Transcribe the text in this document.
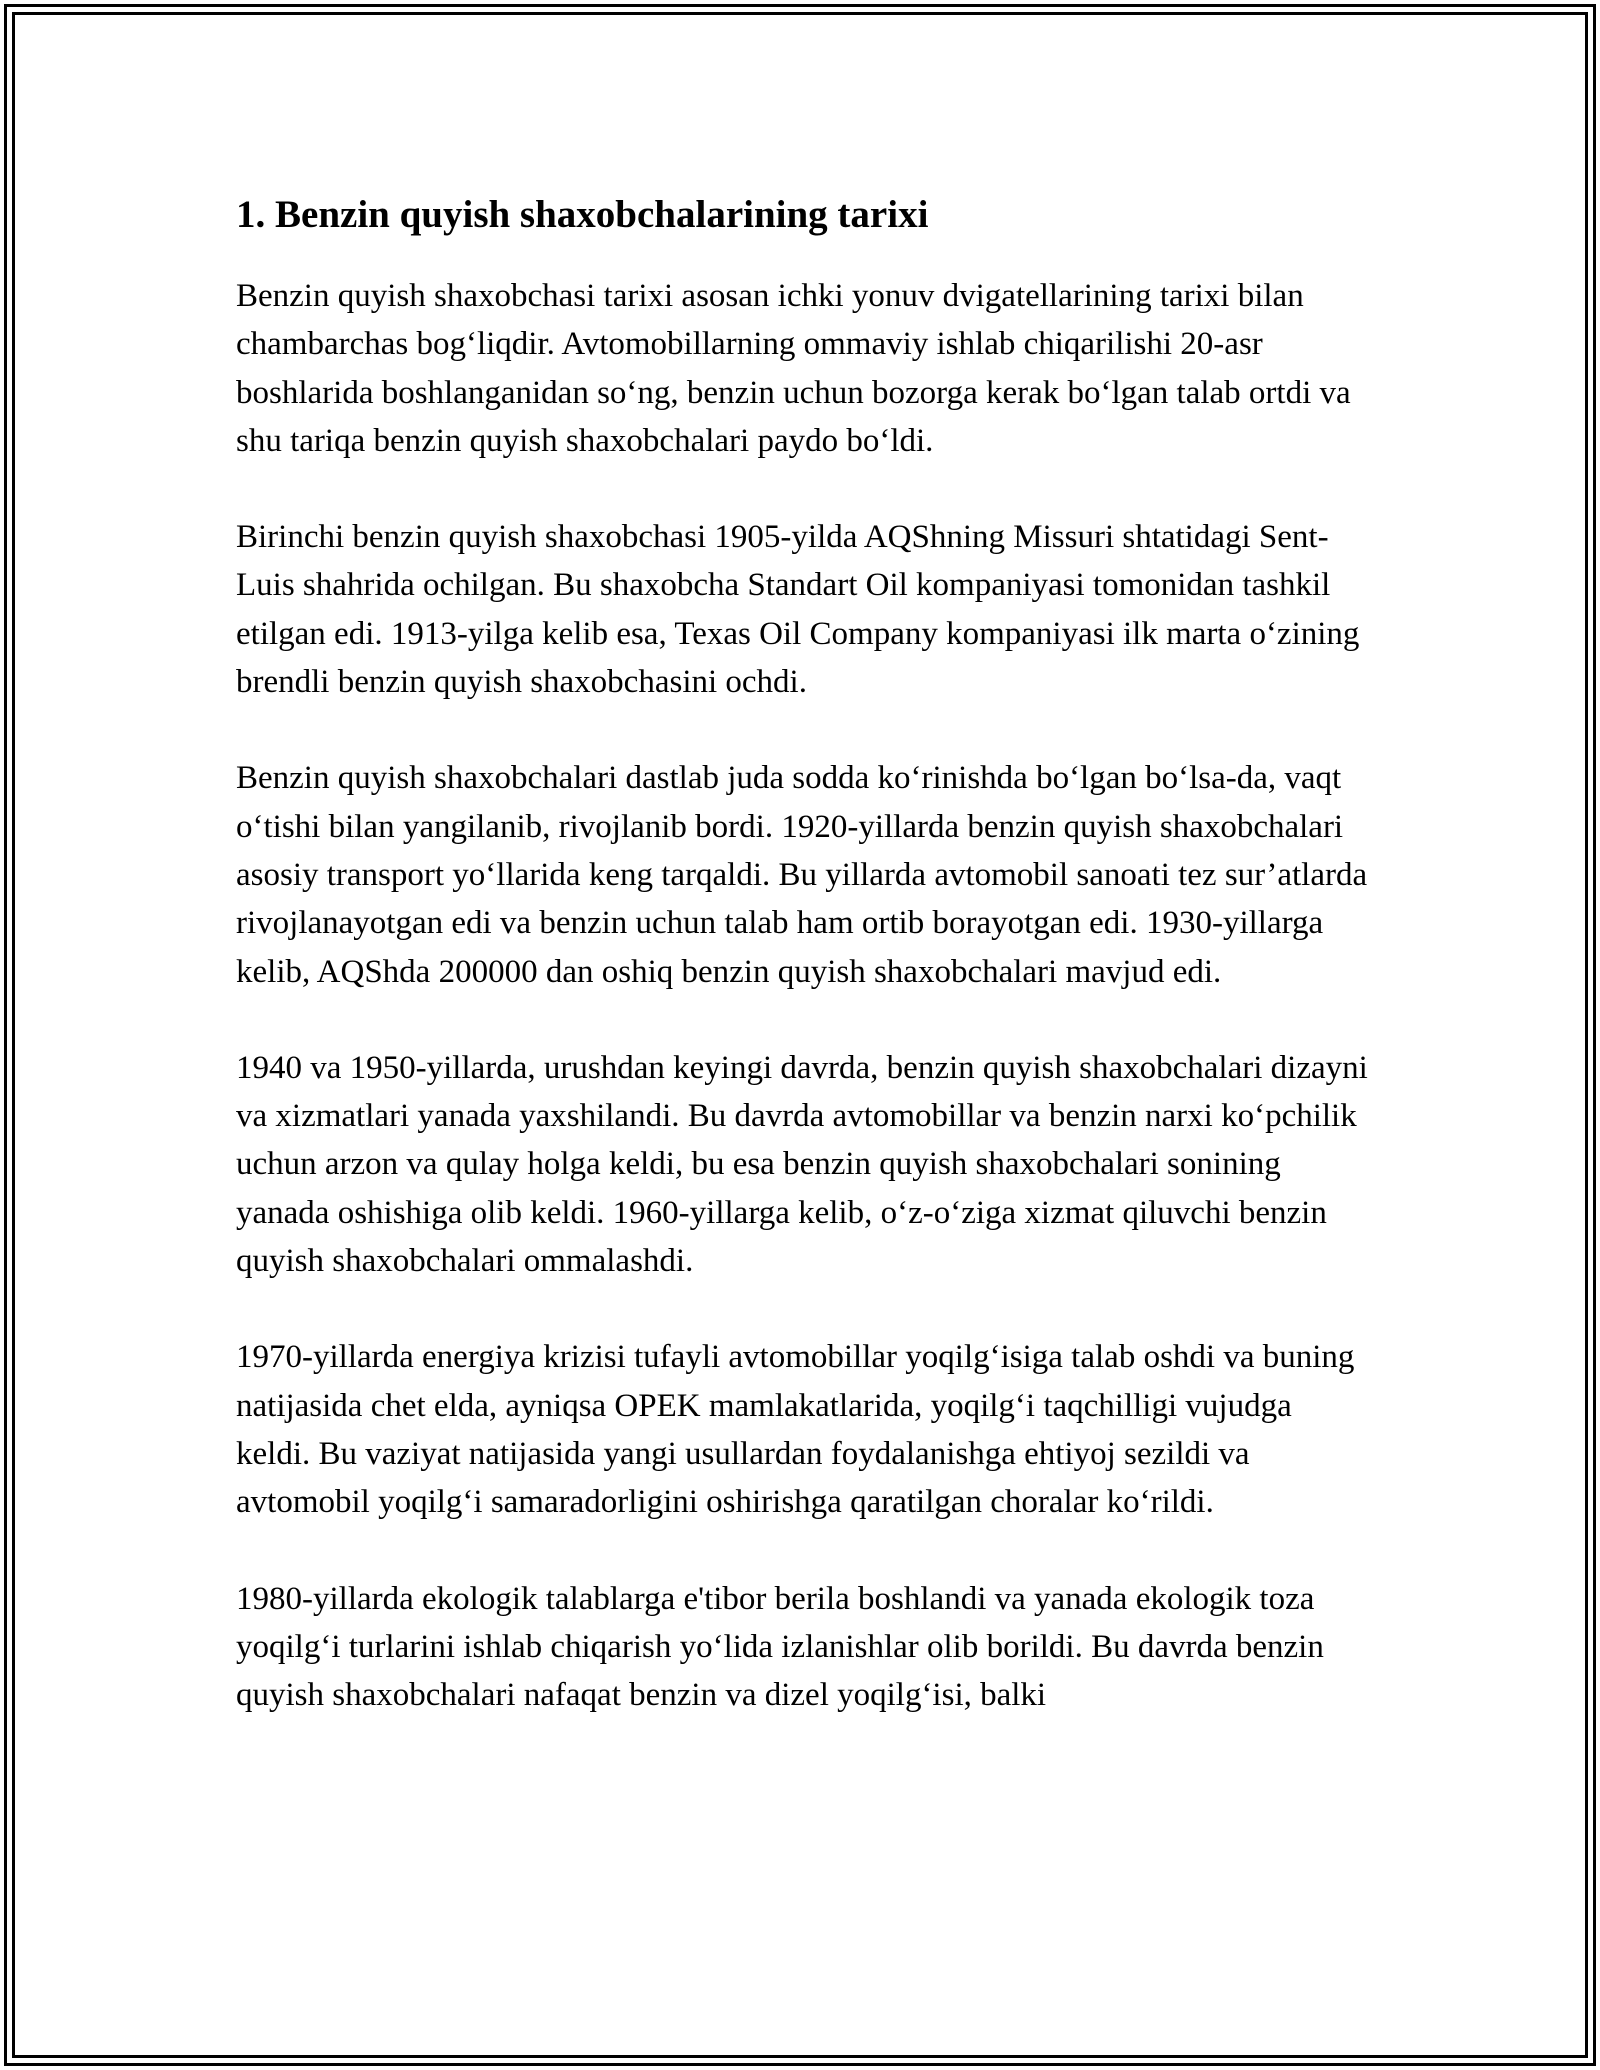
1. Benzin quyish shaxobchalarining tarixi

Benzin quyish shaxobchasi tarixi asosan ichki yonuv dvigatellarining tarixi bilan chambarchas bog‘liqdir. Avtomobillarning ommaviy ishlab chiqarilishi 20-asr boshlarida boshlanganidan so‘ng, benzin uchun bozorga kerak bo‘lgan talab ortdi va shu tariqa benzin quyish shaxobchalari paydo bo‘ldi.

Birinchi benzin quyish shaxobchasi 1905-yilda AQShning Missuri shtatidagi Sent-Luis shahrida ochilgan. Bu shaxobcha Standart Oil kompaniyasi tomonidan tashkil etilgan edi. 1913-yilga kelib esa, Texas Oil Company kompaniyasi ilk marta o‘zining brendli benzin quyish shaxobchasini ochdi.

Benzin quyish shaxobchalari dastlab juda sodda ko‘rinishda bo‘lgan bo‘lsa-da, vaqt o‘tishi bilan yangilanib, rivojlanib bordi. 1920-yillarda benzin quyish shaxobchalari asosiy transport yo‘llarida keng tarqaldi. Bu yillarda avtomobil sanoati tez sur’atlarda rivojlanayotgan edi va benzin uchun talab ham ortib borayotgan edi. 1930-yillarga kelib, AQShda 200000 dan oshiq benzin quyish shaxobchalari mavjud edi.

1940 va 1950-yillarda, urushdan keyingi davrda, benzin quyish shaxobchalari dizayni va xizmatlari yanada yaxshilandi. Bu davrda avtomobillar va benzin narxi ko‘pchilik uchun arzon va qulay holga keldi, bu esa benzin quyish shaxobchalari sonining yanada oshishiga olib keldi. 1960-yillarga kelib, o‘z-o‘ziga xizmat qiluvchi benzin quyish shaxobchalari ommalashdi.

1970-yillarda energiya krizisi tufayli avtomobillar yoqilg‘isiga talab oshdi va buning natijasida chet elda, ayniqsa OPEK mamlakatlarida, yoqilg‘i taqchilligi vujudga keldi. Bu vaziyat natijasida yangi usullardan foydalanishga ehtiyoj sezildi va avtomobil yoqilg‘i samaradorligini oshirishga qaratilgan choralar ko‘rildi.

1980-yillarda ekologik talablarga e'tibor berila boshlandi va yanada ekologik toza yoqilg‘i turlarini ishlab chiqarish yo‘lida izlanishlar olib borildi. Bu davrda benzin quyish shaxobchalari nafaqat benzin va dizel yoqilg‘isi, balki
